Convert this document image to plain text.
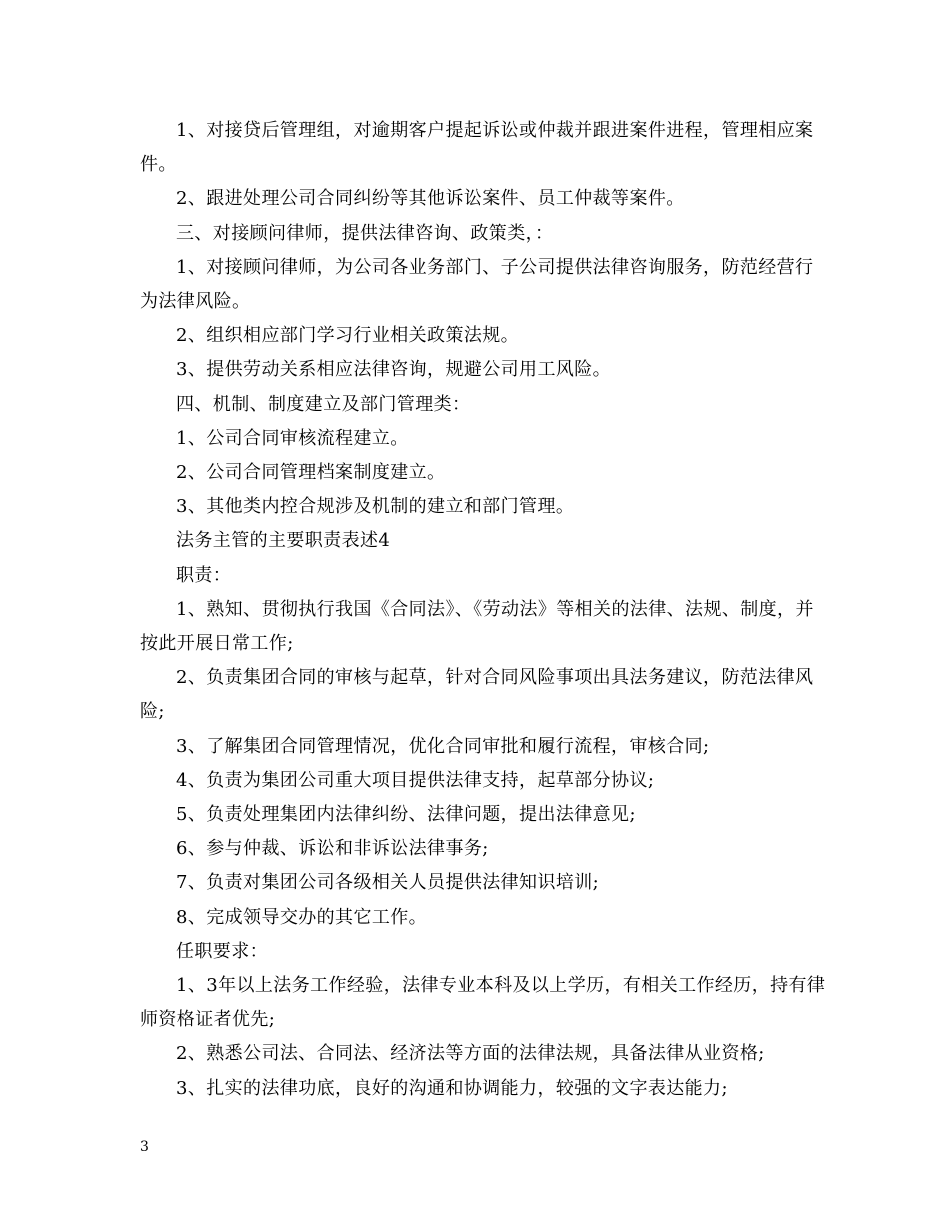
1、对接贷后管理组，对逾期客户提起诉讼或仲裁并跟进案件进程，管理相应案件。

2、跟进处理公司合同纠纷等其他诉讼案件、员工仲裁等案件。

三、对接顾问律师，提供法律咨询、政策类，：

1、对接顾问律师，为公司各业务部门、子公司提供法律咨询服务，防范经营行为法律风险。

2、组织相应部门学习行业相关政策法规。

3、提供劳动关系相应法律咨询，规避公司用工风险。

四、机制、制度建立及部门管理类：

1、公司合同审核流程建立。

2、公司合同管理档案制度建立。

3、其他类内控合规涉及机制的建立和部门管理。

法务主管的主要职责表述4

职责：

1、熟知、贯彻执行我国《合同法》、《劳动法》等相关的法律、法规、制度，并按此开展日常工作;

2、负责集团合同的审核与起草，针对合同风险事项出具法务建议，防范法律风险;

3、了解集团合同管理情况，优化合同审批和履行流程，审核合同;

4、负责为集团公司重大项目提供法律支持，起草部分协议;

5、负责处理集团内法律纠纷、法律问题，提出法律意见;

6、参与仲裁、诉讼和非诉讼法律事务;

7、负责对集团公司各级相关人员提供法律知识培训;

8、完成领导交办的其它工作。

任职要求：

1、3年以上法务工作经验，法律专业本科及以上学历，有相关工作经历，持有律师资格证者优先;

2、熟悉公司法、合同法、经济法等方面的法律法规，具备法律从业资格;

3、扎实的法律功底，良好的沟通和协调能力，较强的文字表达能力;

3
